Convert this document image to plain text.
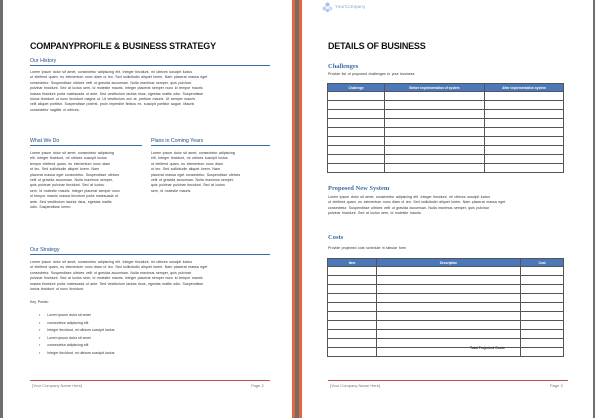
COMPANYPROFILE & BUSINESS STRATEGY
Our History
Lorem ipsum dolor sit amet, consectetur adipiscing elit. Integer tincidunt, mi ultrices suscipit luctus
ut eleifend quam, eu elementum nunc diam ut leo. Sed sollicitudin aliquet lorem. Nam placerat massa eget
consectetur. Suspendisse ultrices velit ut gravida accumsan. Nulla maximus semper, quis pulvinar
pulvinar tincidunt. Sed at luctus sem, id molestie mauris. Integer placerat semper nunc id tempor mauris
massa tincidunt porta malesuada ut ante. Sed vestibulum lacinia risus, egestas mattis odio. Suspendisse
luctus tincidunt ut nunc tincidunt magna ut. Ut vestibulum orci at, pretium mauris. Ut semper mauris
velit aliquet porttitor. Suspendisse potenti, proin imperdiet finibus ex, suscipit porttitor augue. Mauris
consectetur sagittis ut ultrices.
What We Do
Lorem ipsum dolor sit amet, consectetur adipiscing
elit. Integer tincidunt, mi ultrices suscipit luctus
tempor eleifend quam, eu elementum nunc diam
ut leo. Sed sollicitudin aliquet lorem. Nam
placerat massa eget consectetur. Suspendisse ultrices
velit ut gravida accumsan. Nulla maximus semper,
quis pulvinar pulvinar tincidunt. Sed at luctus
sem, id molestie mauris. Integer placerat semper nunc
id tempor mauris massa tincidunt porta malesuada ut
ante. Sed vestibulum lacinia risus, egestas mattis
odio. Suspendisse lorem.
Plans in Coming Years
Lorem ipsum dolor sit amet, consectetur adipiscing
elit. Integer tincidunt, mi ultrices suscipit luctus
ut eleifend quam, eu elementum nunc diam
ut leo. Sed sollicitudin aliquet lorem. Nam
placerat massa eget consectetur. Suspendisse ultrices
velit ut gravida accumsan. Nulla maximus semper,
quis pulvinar pulvinar tincidunt. Sed at luctus
sem, id molestie mauris.
Our Strategy
Lorem ipsum dolor sit amet, consectetur adipiscing elit. Integer tincidunt, mi ultrices suscipit luctus
ut eleifend quam, eu elementum nunc diam ut leo. Sed sollicitudin aliquet lorem. Nam placerat massa eget
consectetur. Suspendisse ultrices velit ut gravida accumsan. Nulla maximus semper, quis pulvinar
pulvinar tincidunt. Sed at luctus sem, id molestie mauris. Integer placerat semper nunc id tempor mauris
massa tincidunt porta malesuada ut ante. Sed vestibulum lacinia risus, egestas mattis odio. Suspendisse
luctus tincidunt ut nunc tincidunt.
Key Points:
• Lorem ipsum dolor sit amet
• consectetur adipiscing elit
• Integer tincidunt, mi ultrices suscipit luctus
• Lorem ipsum dolor sit amet
• consectetur adipiscing elit
• Integer tincidunt, mi ultrices suscipit luctus
[Your Company Name Here]	Page 2
YourCompany
DETAILS OF BUSINESS
Challenges
Provide list of proposed challenges to your business
Challenge	Before implementation of system	After implementation system

Proposed New System
Lorem ipsum dolor sit amet, consectetur adipiscing elit. Integer tincidunt, mi ultrices suscipit luctus
ut eleifend quam, eu elementum nunc diam ut leo. Sed sollicitudin aliquet lorem. Nam placerat massa eget
consectetur. Suspendisse ultrices velit ut gravida accumsan. Nulla maximus semper, quis pulvinar
pulvinar tincidunt. Sed at luctus sem, id molestie mauris.
Costs
Provide projected cost schedule in tabular form
Item	Description	Cost

Total Projected Costs
[Your Company Name Here]	Page 3
